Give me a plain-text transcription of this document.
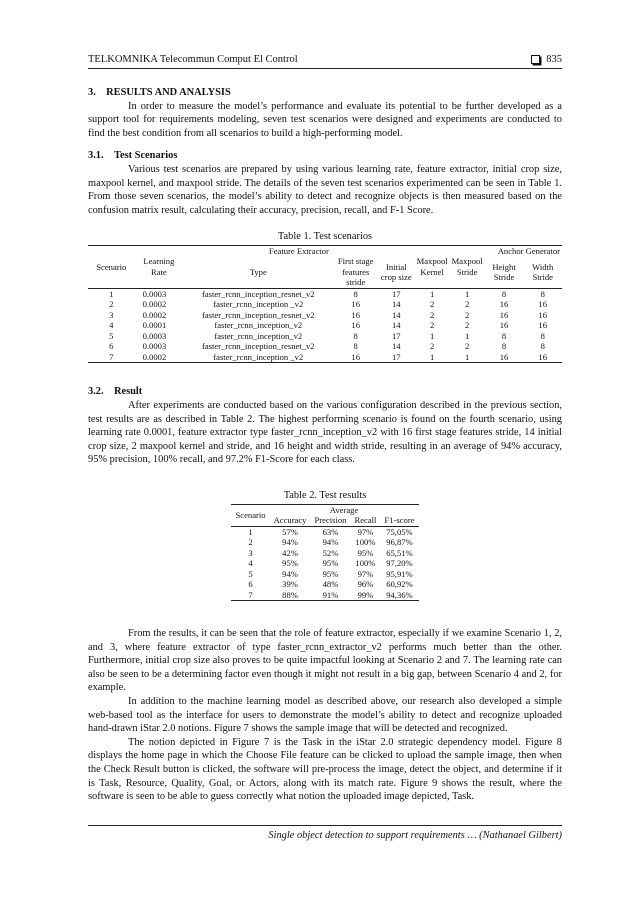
TELKOMNIKA Telecommun Comput El Control	835
3. RESULTS AND ANALYSIS

In order to measure the model’s performance and evaluate its potential to be further developed as a support tool for requirements modeling, seven test scenarios were designed and experiments are conducted to find the best condition from all scenarios to build a high-performing model.

3.1. Test Scenarios

Various test scenarios are prepared by using various learning rate, feature extractor, initial crop size, maxpool kernel, and maxpool stride. The details of the seven test scenarios experimented can be seen in Table 1. From those seven scenarios, the model’s ability to detect and recognize objects is then measured based on the confusion matrix result, calculating their accuracy, precision, recall, and F-1 Score.

Table 1. Test scenarios
Scenario	Learning Rate	Feature Extractor			Maxpool Kernel	Maxpool Stride	Anchor Generator	
		Type	First stage features stride	Initial crop size			Height Stride	Width Stride
1	0.0003	faster_rcnn_inception_resnet_v2	8	17	1	1	8	8
2	0.0002	faster_rcnn_inception _v2	16	14	2	2	16	16
3	0.0002	faster_rcnn_inception_resnet_v2	16	14	2	2	16	16
4	0.0001	faster_rcnn_inception_v2	16	14	2	2	16	16
5	0.0003	faster_rcnn_inception_v2	8	17	1	1	8	8
6	0.0003	faster_rcnn_inception_resnet_v2	8	14	2	2	8	8
7	0.0002	faster_rcnn_inception _v2	16	17	1	1	16	16
3.2. Result

After experiments are conducted based on the various configuration described in the previous section, test results are as described in Table 2. The highest performing scenario is found on the fourth scenario, using learning rate 0.0001, feature extractor type faster_rcnn_inception_v2 with 16 first stage features stride, 14 initial crop size, 2 maxpool kernel and stride, and 16 height and width stride, resulting in an average of 94% accuracy, 95% precision, 100% recall, and 97.2% F1-Score for each class.

Table 2. Test results
Scenario	Average			
	Accuracy	Precision	Recall	F1-score
1	57%	63%	97%	75,05%
2	94%	94%	100%	96,87%
3	42%	52%	95%	65,51%
4	95%	95%	100%	97,20%
5	94%	95%	97%	95,91%
6	39%	48%	96%	60,92%
7	88%	91%	99%	94,36%

From the results, it can be seen that the role of feature extractor, especially if we examine Scenario 1, 2, and 3, where feature extractor of type faster_rcnn_extractor_v2 performs much better than the other. Furthermore, initial crop size also proves to be quite impactful looking at Scenario 2 and 7. The learning rate can also be seen to be a determining factor even though it might not result in a big gap, between Scenario 4 and 2, for example.

In addition to the machine learning model as described above, our research also developed a simple web-based tool as the interface for users to demonstrate the model’s ability to detect and recognize uploaded hand-drawn iStar 2.0 notions. Figure 7 shows the sample image that will be detected and recognized.

The notion depicted in Figure 7 is the Task in the iStar 2.0 strategic dependency model. Figure 8 displays the home page in which the Choose File feature can be clicked to upload the sample image, then when the Check Result button is clicked, the software will pre-process the image, detect the object, and determine if it is Task, Resource, Quality, Goal, or Actors, along with its match rate. Figure 9 shows the result, where the software is seen to be able to guess correctly what notion the uploaded image depicted, Task.

Single object detection to support requirements … (Nathanael Gilbert)
